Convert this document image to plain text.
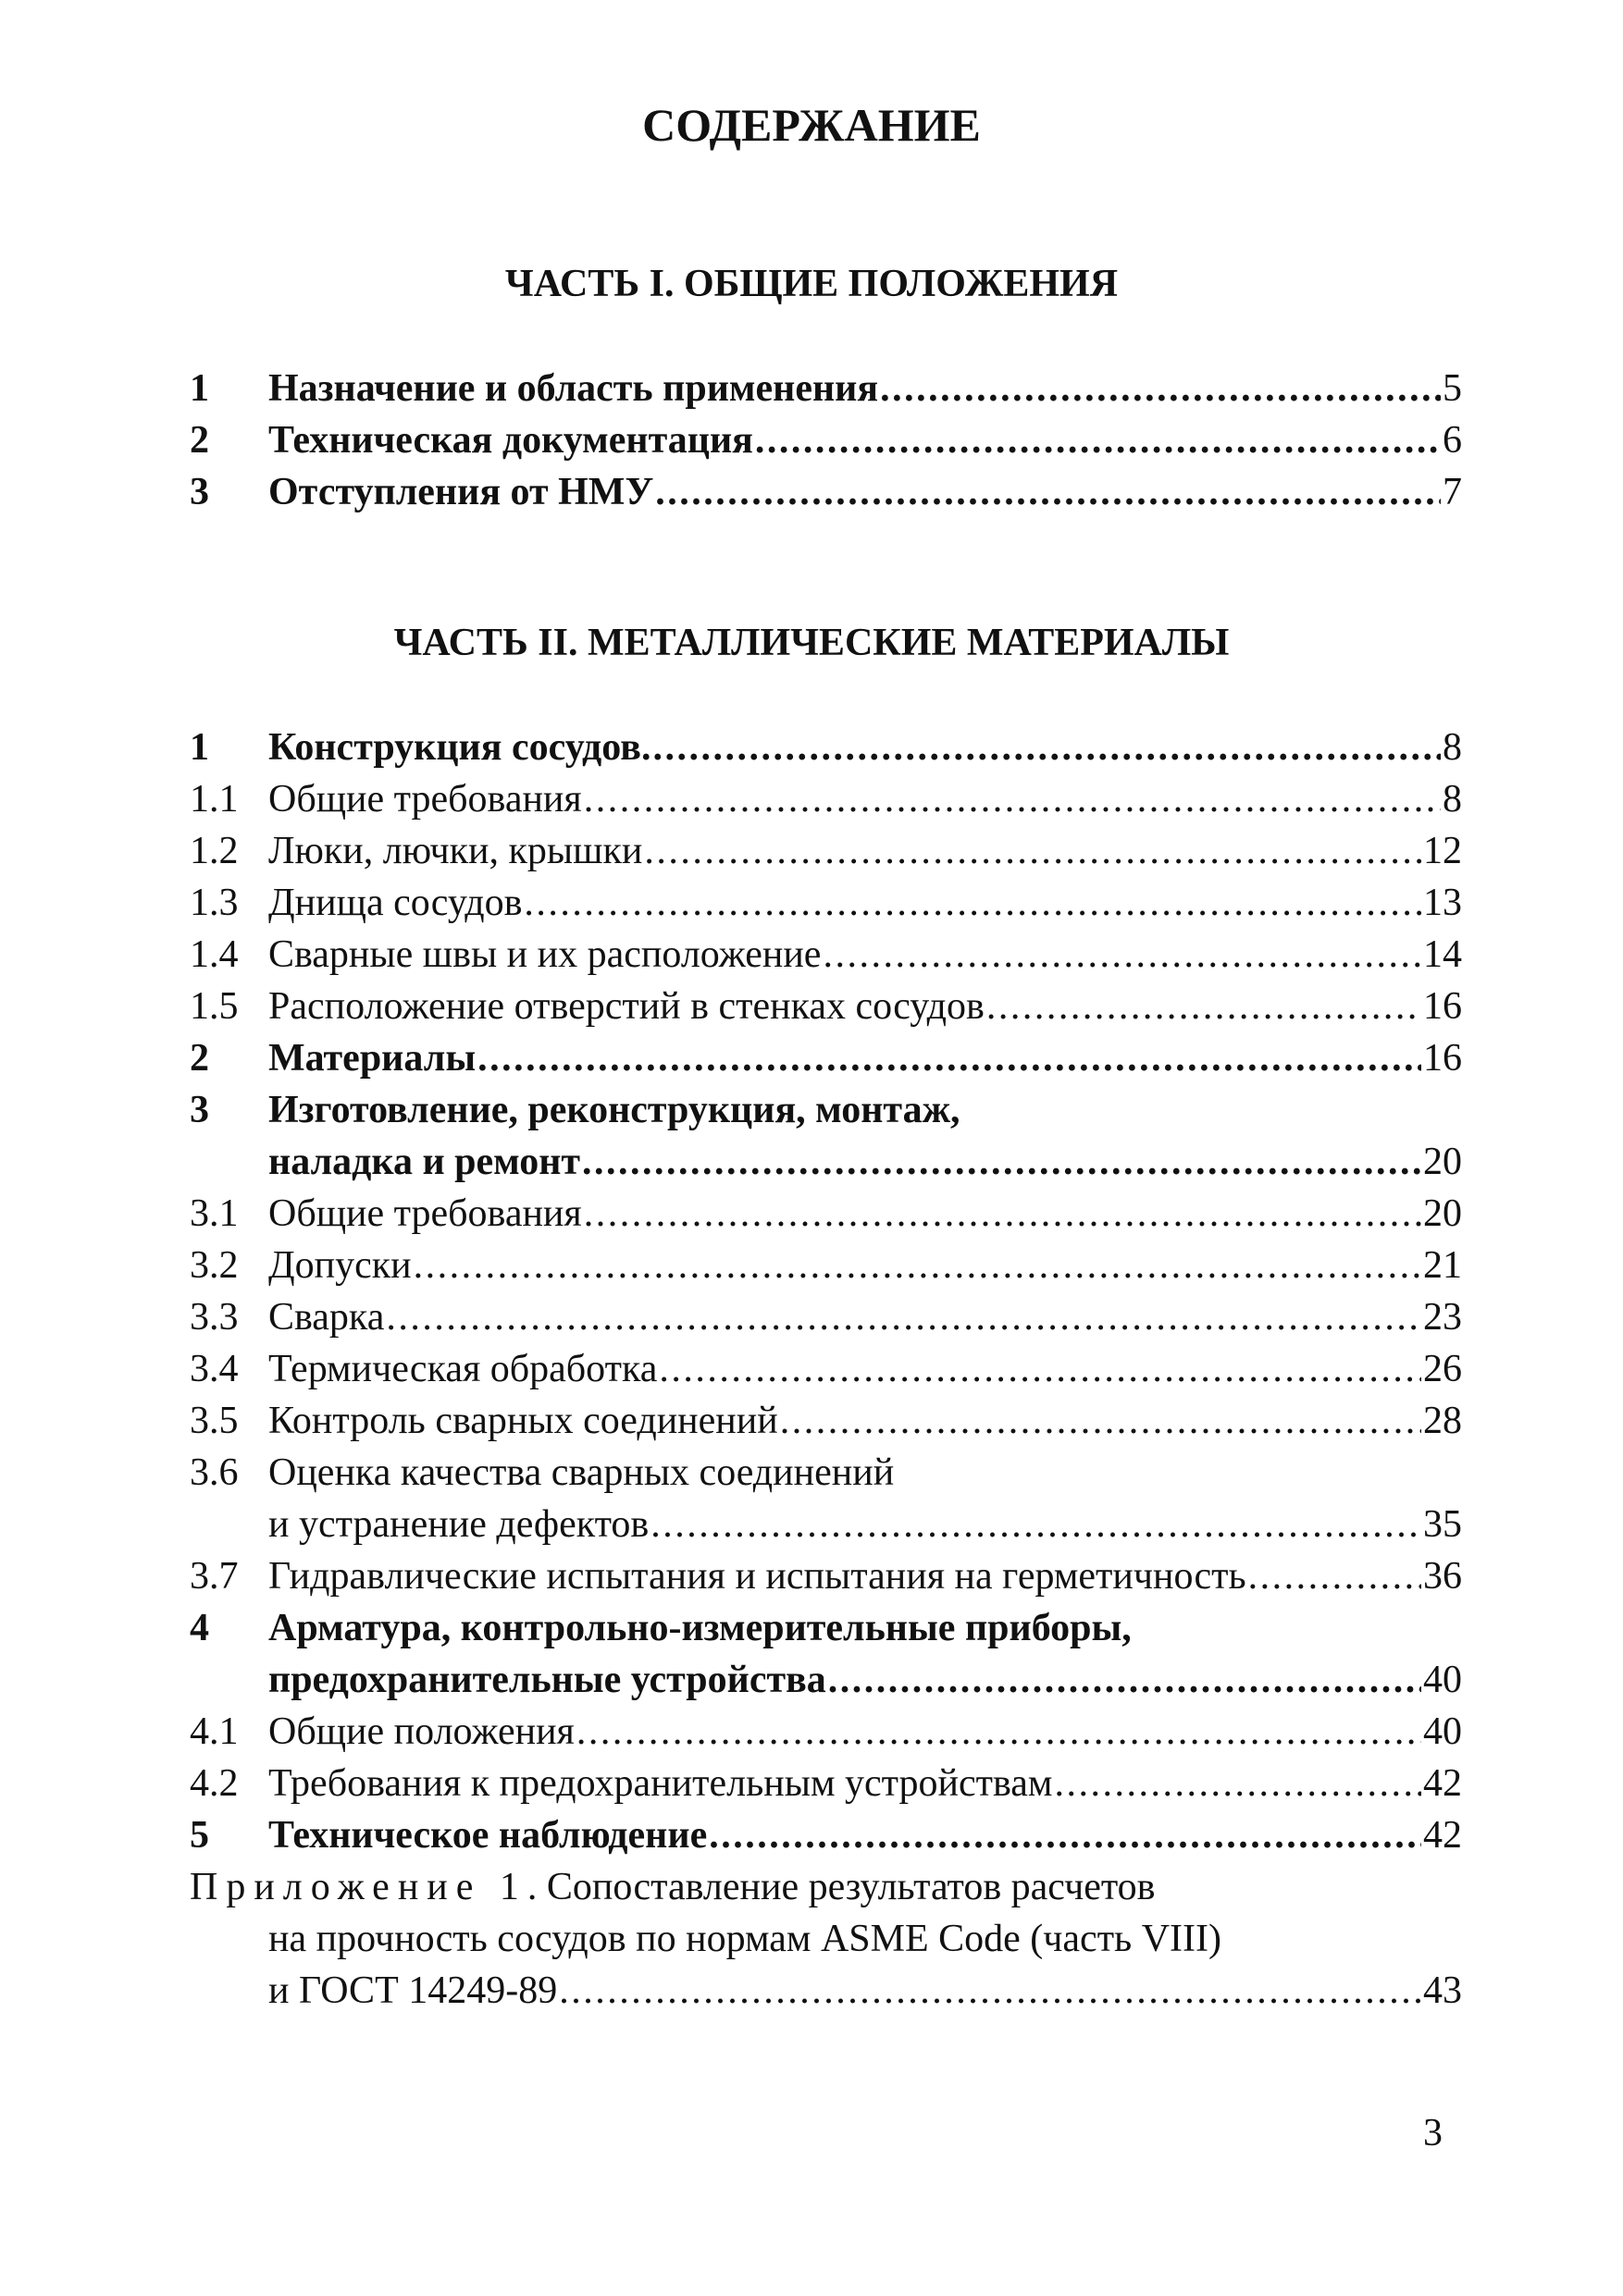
СОДЕРЖАНИЕ
ЧАСТЬ I. ОБЩИЕ ПОЛОЖЕНИЯ
1	Назначение и область применения . . .	5
2	Техническая документация . . .	6
3	Отступления от НМУ . . .	7
ЧАСТЬ II. МЕТАЛЛИЧЕСКИЕ МАТЕРИАЛЫ
1	Конструкция сосудов. . . .	8
1.1 Общие требования . . .	8
1.2 Люки, лючки, крышки . . .	12
1.3 Днища сосудов . . .	13
1.4 Сварные швы и их расположение . . .	14
1.5 Расположение отверстий в стенках сосудов . . .	16
2	Материалы . . .	16
3	Изготовление, реконструкция, монтаж,
наладка и ремонт . . .	20
3.1 Общие требования . . .	20
3.2 Допуски . . .	21
3.3 Сварка . . .	23
3.4 Термическая обработка . . .	26
3.5 Контроль сварных соединений . . .	28
3.6 Оценка качества сварных соединений
и устранение дефектов . . .	35
3.7 Гидравлические испытания и испытания на герметичность . . .	36
4	Арматура, контрольно-измерительные приборы,
предохранительные устройства . . .	40
4.1 Общие положения . . .	40
4.2 Требования к предохранительным устройствам . . .	42
5	Техническое наблюдение . . .	42
Приложение 1 . Сопоставление результатов расчетов
на прочность сосудов по нормам ASME Code (часть VIII)
и ГОСТ 14249-89 . . .	43
3
